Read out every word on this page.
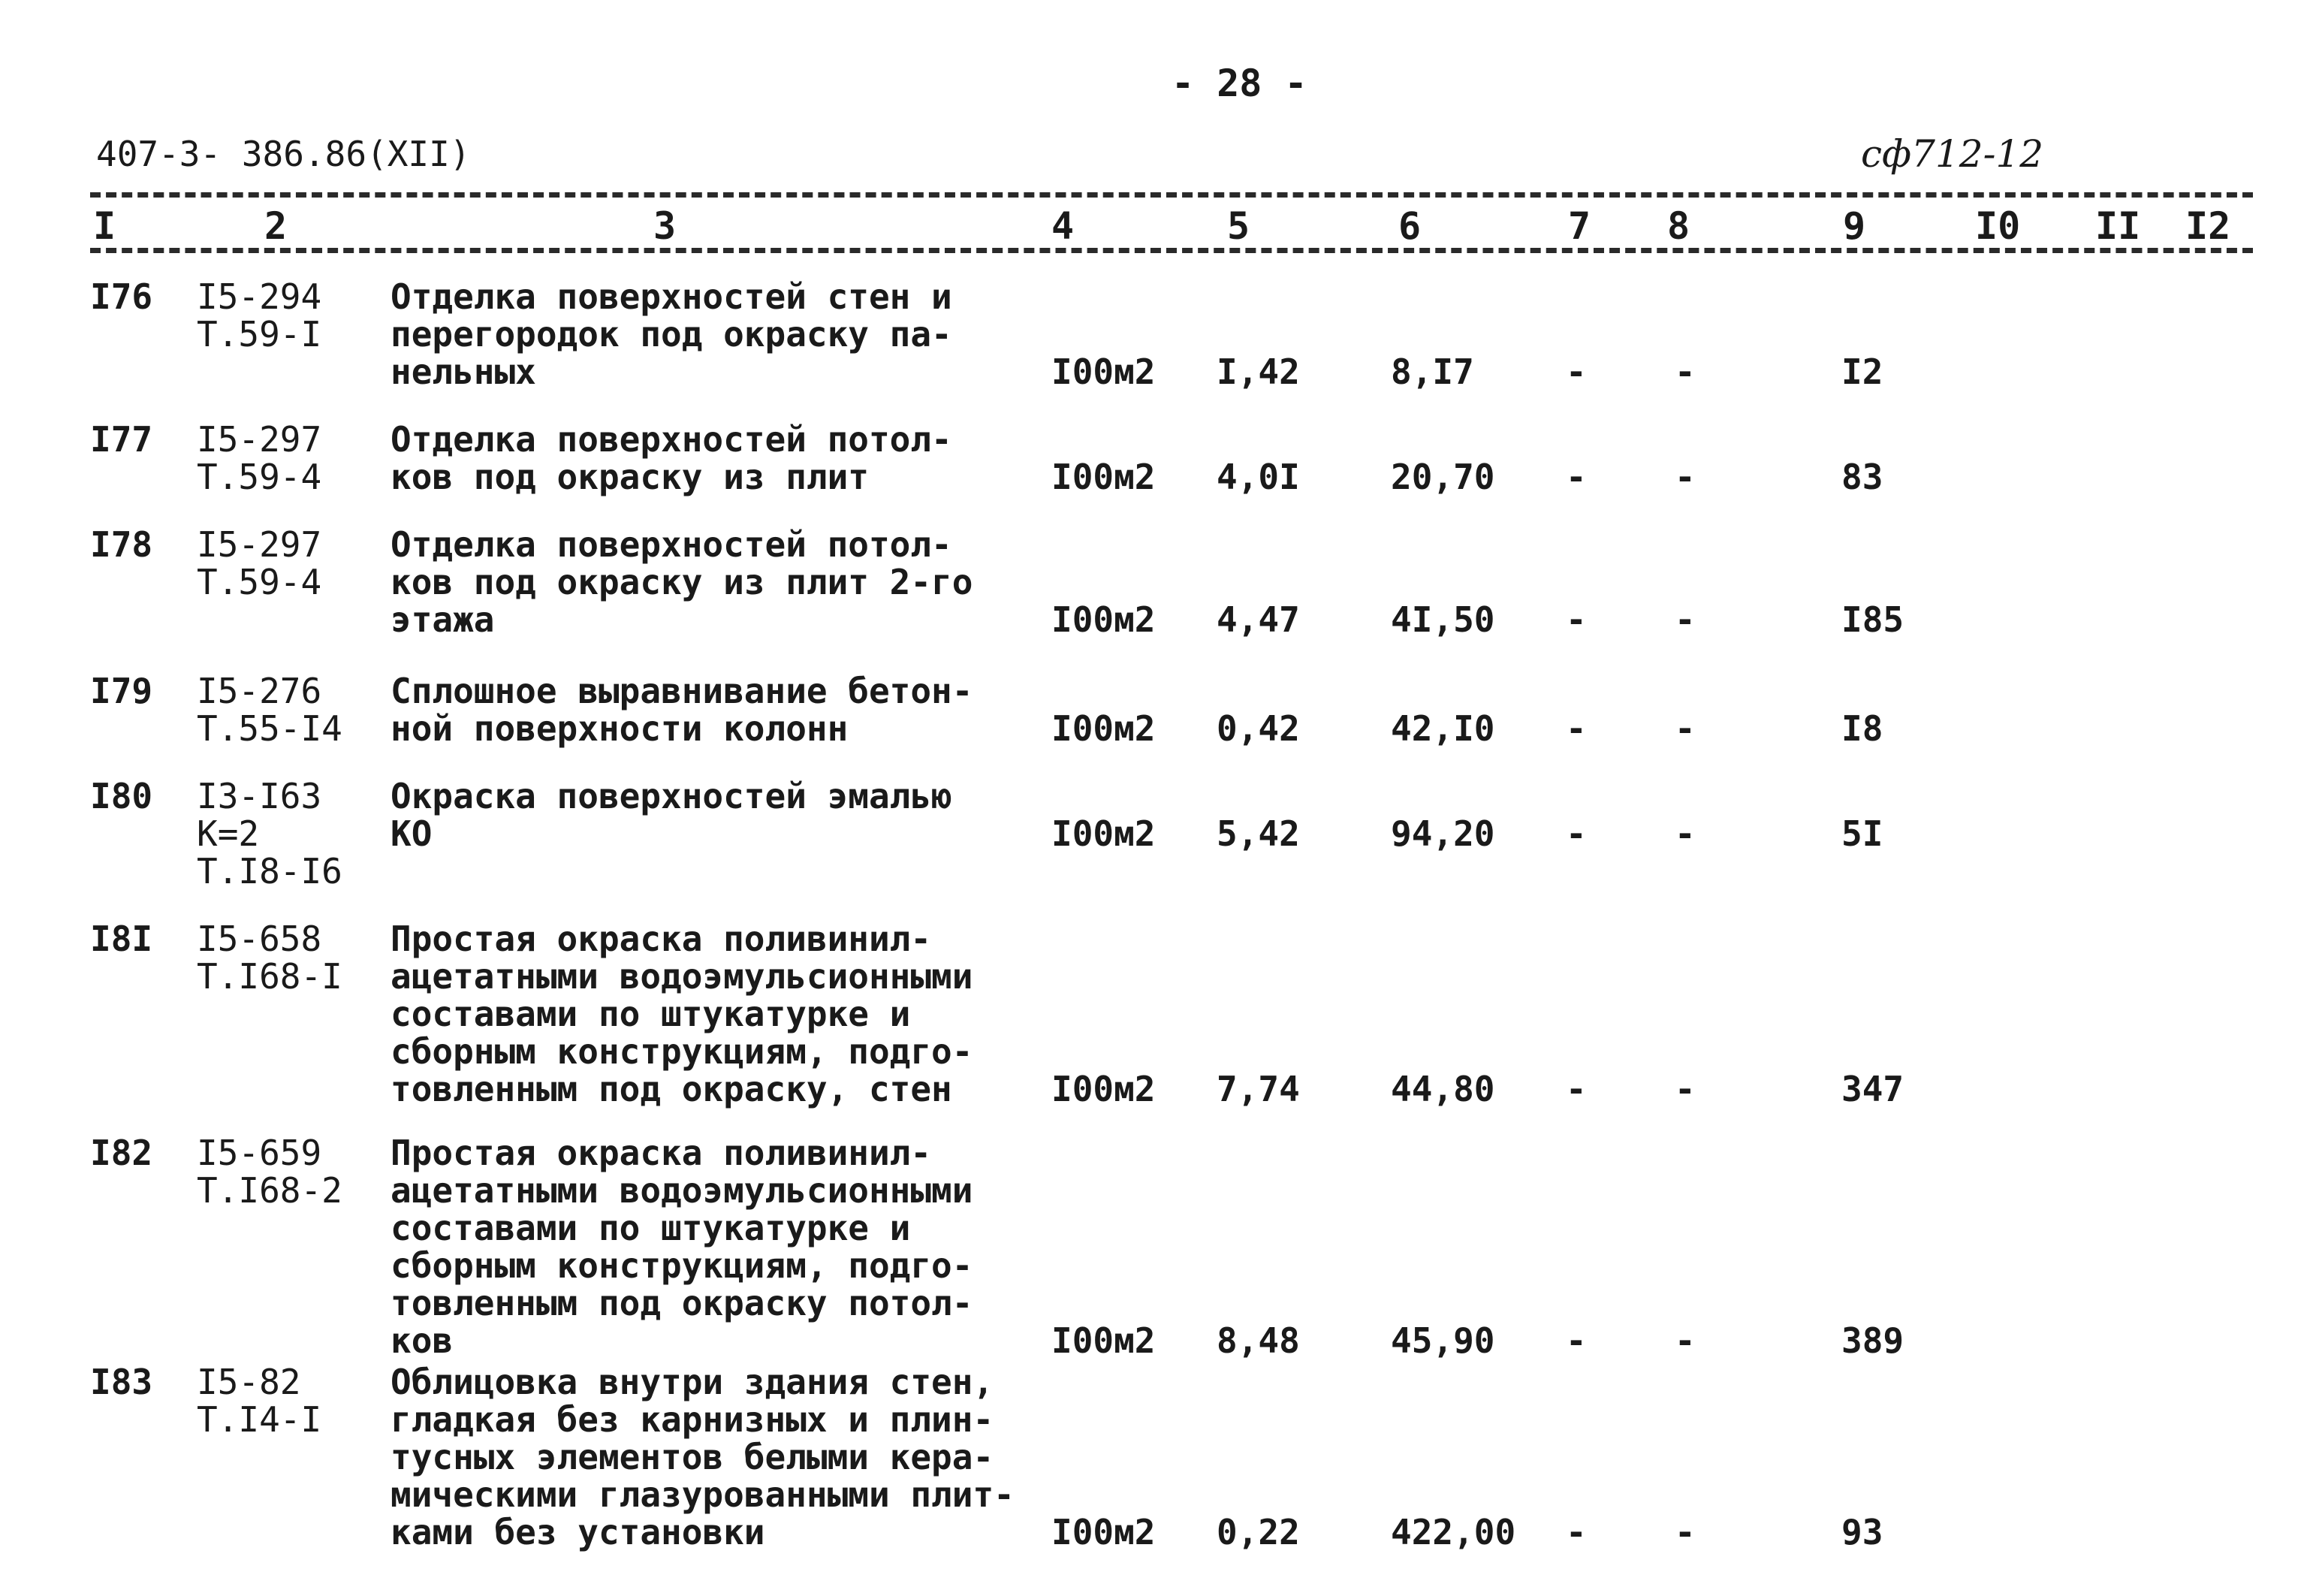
- 28 -
407-3- 386.86(XII)	сф712-12
I	2	3	4	5	6	7 8	9	I0 II I2
I76 I5-294
Т.59-I
Отделка поверхностей стен и
перегородок под окраску па-
нельных	I00м2 I,42	8,I7	-	-	I2
I77 I5-297
Т.59-4
Отделка поверхностей потол-
ков под окраску из плит	I00м2 4,0I	20,70 -	-	83
I78 I5-297
Т.59-4
Отделка поверхностей потол-
ков под окраску из плит 2-го
этажа	I00м2 4,47	4I,50 -	-	I85
I79 I5-276
Т.55-I4
Сплошное выравнивание бетон-
ной поверхности колонн	I00м2 0,42	42,I0 -	-	I8
I80 I3-I63
К=2
Т.I8-I6
Окраска поверхностей эмалью
КО	I00м2 5,42	94,20 -	-	5I
I8I I5-658
Т.I68-I
Простая окраска поливинил-
ацетатными водоэмульсионными
составами по штукатурке и
сборным конструкциям, подго-
товленным под окраску, стен	I00м2 7,74	44,80 -	-	347
I82 I5-659
Т.I68-2
Простая окраска поливинил-
ацетатными водоэмульсионными
составами по штукатурке и
сборным конструкциям, подго-
товленным под окраску потол-
ков	I00м2 8,48	45,90 -	-	389
I83 I5-82
Т.I4-I
Облицовка внутри здания стен,
гладкая без карнизных и плин-
тусных элементов белыми кера-
мическими глазурованными плит-
ками без установки	I00м2 0,22	422,00 -	-	93
